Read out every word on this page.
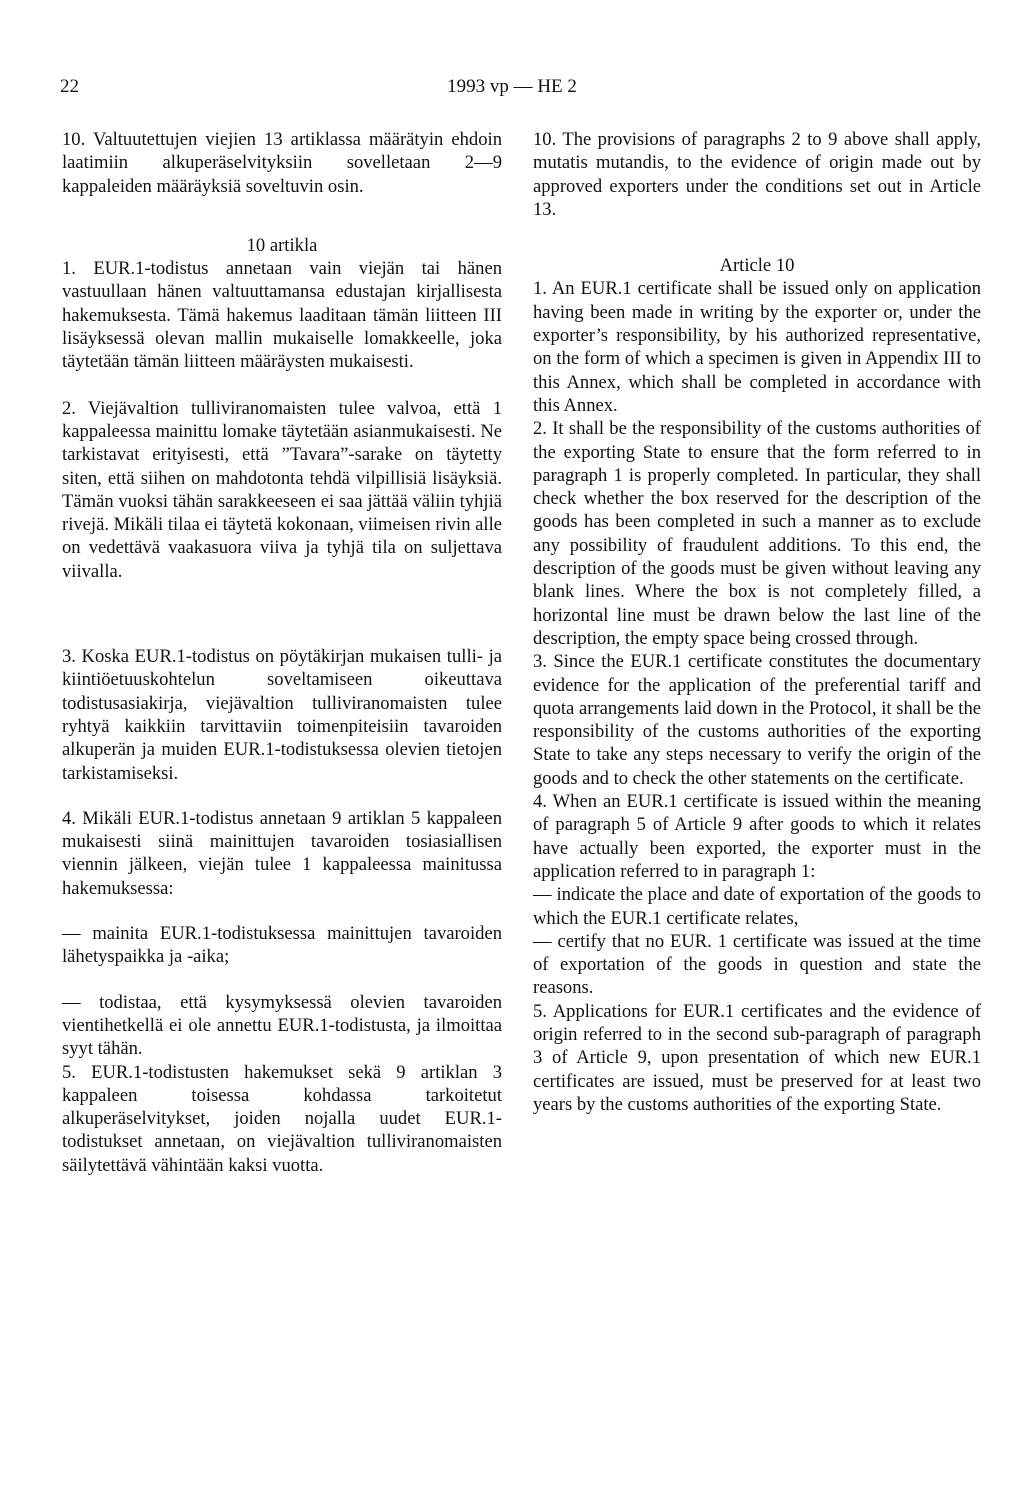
22	1993 vp — HE 2

10. Valtuutettujen viejien 13 artiklassa määrätyin ehdoin laatimiin alkuperäselvityksiin sovelletaan 2—9 kappaleiden määräyksiä soveltuvin osin.

10 artikla

1. EUR.1-todistus annetaan vain viejän tai hänen vastuullaan hänen valtuuttamansa edustajan kirjallisesta hakemuksesta. Tämä hakemus laaditaan tämän liitteen III lisäyksessä olevan mallin mukaiselle lomakkeelle, joka täytetään tämän liitteen määräysten mukaisesti.

2. Viejävaltion tulliviranomaisten tulee valvoa, että 1 kappaleessa mainittu lomake täytetään asianmukaisesti. Ne tarkistavat erityisesti, että ”Tavara”-sarake on täytetty siten, että siihen on mahdotonta tehdä vilpillisiä lisäyksiä. Tämän vuoksi tähän sarakkeeseen ei saa jättää väliin tyhjiä rivejä. Mikäli tilaa ei täytetä kokonaan, viimeisen rivin alle on vedettävä vaakasuora viiva ja tyhjä tila on suljettava viivalla.

3. Koska EUR.1-todistus on pöytäkirjan mukaisen tulli- ja kiintiöetuuskohtelun soveltamiseen oikeuttava todistusasiakirja, viejävaltion tulliviranomaisten tulee ryhtyä kaikkiin tarvittaviin toimenpiteisiin tavaroiden alkuperän ja muiden EUR.1-todistuksessa olevien tietojen tarkistamiseksi.

4. Mikäli EUR.1-todistus annetaan 9 artiklan 5 kappaleen mukaisesti siinä mainittujen tavaroiden tosiasiallisen viennin jälkeen, viejän tulee 1 kappaleessa mainitussa hakemuksessa:

— mainita EUR.1-todistuksessa mainittujen tavaroiden lähetyspaikka ja -aika;

— todistaa, että kysymyksessä olevien tavaroiden vientihetkellä ei ole annettu EUR.1-todistusta, ja ilmoittaa syyt tähän.

5. EUR.1-todistusten hakemukset sekä 9 artiklan 3 kappaleen toisessa kohdassa tarkoitetut alkuperäselvitykset, joiden nojalla uudet EUR.1-todistukset annetaan, on viejävaltion tulliviranomaisten säilytettävä vähintään kaksi vuotta.

10. The provisions of paragraphs 2 to 9 above shall apply, mutatis mutandis, to the evidence of origin made out by approved exporters under the conditions set out in Article 13.

Article 10

1. An EUR.1 certificate shall be issued only on application having been made in writing by the exporter or, under the exporter’s responsibility, by his authorized representative, on the form of which a specimen is given in Appendix III to this Annex, which shall be completed in accordance with this Annex.

2. It shall be the responsibility of the customs authorities of the exporting State to ensure that the form referred to in paragraph 1 is properly completed. In particular, they shall check whether the box reserved for the description of the goods has been completed in such a manner as to exclude any possibility of fraudulent additions. To this end, the description of the goods must be given without leaving any blank lines. Where the box is not completely filled, a horizontal line must be drawn below the last line of the description, the empty space being crossed through.

3. Since the EUR.1 certificate constitutes the documentary evidence for the application of the preferential tariff and quota arrangements laid down in the Protocol, it shall be the responsibility of the customs authorities of the exporting State to take any steps necessary to verify the origin of the goods and to check the other statements on the certificate.

4. When an EUR.1 certificate is issued within the meaning of paragraph 5 of Article 9 after goods to which it relates have actually been exported, the exporter must in the application referred to in paragraph 1:

— indicate the place and date of exportation of the goods to which the EUR.1 certificate relates,

— certify that no EUR. 1 certificate was issued at the time of exportation of the goods in question and state the reasons.

5. Applications for EUR.1 certificates and the evidence of origin referred to in the second sub-paragraph of paragraph 3 of Article 9, upon presentation of which new EUR.1 certificates are issued, must be preserved for at least two years by the customs authorities of the exporting State.
